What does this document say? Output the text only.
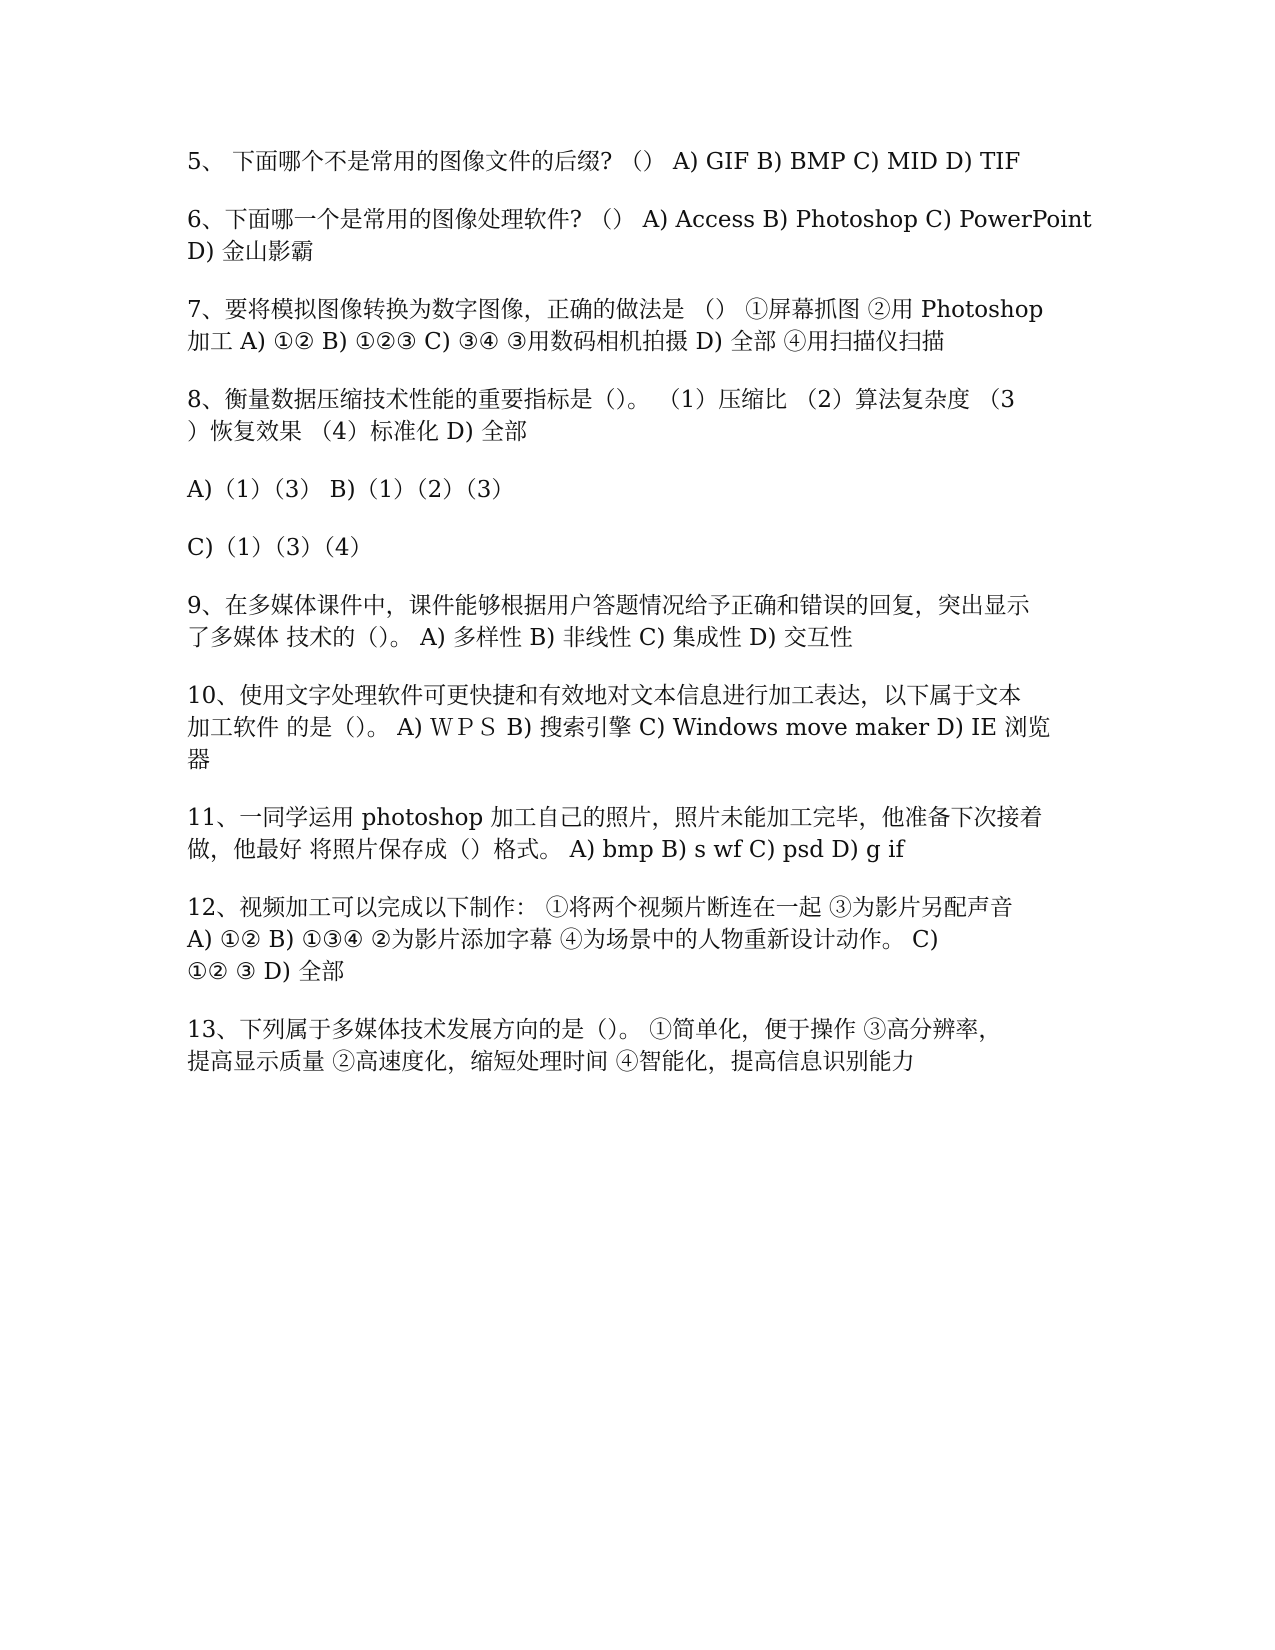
5、 下面哪个不是常用的图像文件的后缀? （） A) GIF B) BMP C) MID D) TIF

6、下面哪一个是常用的图像处理软件? （） A) Access B) Photoshop C) PowerPoint
D) 金山影霸

7、要将模拟图像转换为数字图像，正确的做法是 （） ①屏幕抓图 ②用 Photoshop
加工 A) ①② B) ①②③ C) ③④ ③用数码相机拍摄 D) 全部 ④用扫描仪扫描

8、衡量数据压缩技术性能的重要指标是（）。 （1）压缩比 （2）算法复杂度 （3
）恢复效果 （4）标准化 D) 全部

A)（1）（3） B)（1）（2）（3）

C)（1）（3）（4）

9、在多媒体课件中，课件能够根据用户答题情况给予正确和错误的回复，突出显示
了多媒体 技术的（）。 A) 多样性 B) 非线性 C) 集成性 D) 交互性

10、使用文字处理软件可更快捷和有效地对文本信息进行加工表达，以下属于文本
加工软件 的是（）。 A) ＷＰＳ B) 搜索引擎 C) Windows move maker D) IE 浏览
器

11、一同学运用 photoshop 加工自己的照片，照片未能加工完毕，他准备下次接着
做，他最好 将照片保存成（）格式。 A) bmp B) s wf C) psd D) g if

12、视频加工可以完成以下制作： ①将两个视频片断连在一起 ③为影片另配声音
A) ①② B) ①③④ ②为影片添加字幕 ④为场景中的人物重新设计动作。 C)
①② ③ D) 全部

13、下列属于多媒体技术发展方向的是（）。 ①简单化，便于操作 ③高分辨率，
提高显示质量 ②高速度化，缩短处理时间 ④智能化，提高信息识别能力
